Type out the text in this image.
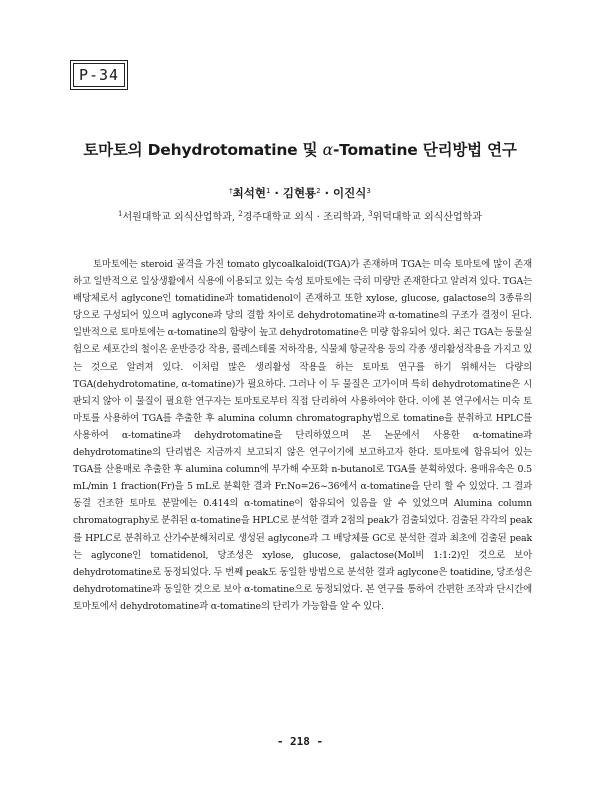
P-34
토마토의 Dehydrotomatine 및 α-Tomatine 단리방법 연구
†최석현$^1$ · 김현룡$^2$ · 이진식$^3$
$^1$서원대학교 외식산업학과, $^2$경주대학교 외식 · 조리학과, $^3$위덕대학교 외식산업학과

토마토에는 steroid 골격을 가진 tomato glycoalkaloid(TGA)가 존재하며 TGA는 미숙 토마토에 많이 존재하고 일반적으로 일상생활에서 식용에 이용되고 있는 숙성 토마토에는 극히 미량만 존재한다고 알려져 있다. TGA는 배당체로서 aglycone인 tomatidine과 tomatidenol이 존재하고 또한 xylose, glucose, galactose의 3종류의 당으로 구성되어 있으며 aglycone과 당의 결합 차이로 dehydrotomatine과 α-tomatine의 구조가 결정이 된다. 일반적으로 토마토에는 α-tomatine의 함량이 높고 dehydrotomatine은 미량 함유되어 있다. 최근 TGA는 동물실험으로 세포간의 철이온 운반증강 작용, 콜레스테롤 저하작용, 식물체 항균작용 등의 각종 생리활성작용을 가지고 있는 것으로 알려져 있다. 이처럼 많은 생리활성 작용을 하는 토마토 연구를 하기 위해서는 다량의 TGA(dehydrotomatine, α-tomatine)가 필요하다. 그러나 이 두 물질은 고가이며 특히 dehydrotomatine은 시판되지 않아 이 물질이 필요한 연구자는 토마토로부터 직접 단리하여 사용하여야 한다. 이에 본 연구에서는 미숙 토마토를 사용하여 TGA를 추출한 후 alumina column chromatography법으로 tomatine을 분취하고 HPLC를 사용하여 α-tomatine과 dehydrotomatine을 단리하였으며 본 논문에서 사용한 α-tomatine과 dehydrotomatine의 단리법은 지금까지 보고되지 않은 연구이기에 보고하고자 한다. 토마토에 함유되어 있는 TGA를 산용매로 추출한 후 alumina column에 부가해 수포화 n-butanol로 TGA를 분획하였다. 용매유속은 0.5 mL/min 1 fraction(Fr)을 5 mL로 분획한 결과 Fr.No=26~36에서 α-tomatine을 단리 할 수 있었다. 그 결과 동결 건조한 토마토 분말에는 0.414의 α-tomatine이 함유되어 있음을 알 수 있었으며 Alumina column chromatography로 분취된 α-tomatine을 HPLC로 분석한 결과 2점의 peak가 검출되었다. 검출된 각각의 peak를 HPLC로 분취하고 산가수분해처리로 생성된 aglycone과 그 배당체를 GC로 분석한 결과 최초에 검출된 peak는 aglycone인 tomatidenol, 당조성은 xylose, glucose, galactose(Mol비 1:1:2)인 것으로 보아 dehydrotomatine로 동정되었다. 두 번째 peak도 동일한 방법으로 분석한 결과 aglycone은 toatidine, 당조성은 dehydrotomatine과 동일한 것으로 보아 α-tomatine으로 동정되었다. 본 연구를 통하여 간편한 조작과 단시간에 토마토에서 dehydrotomatine과 α-tomatine의 단리가 가능함을 알 수 있다.

- 218 -
